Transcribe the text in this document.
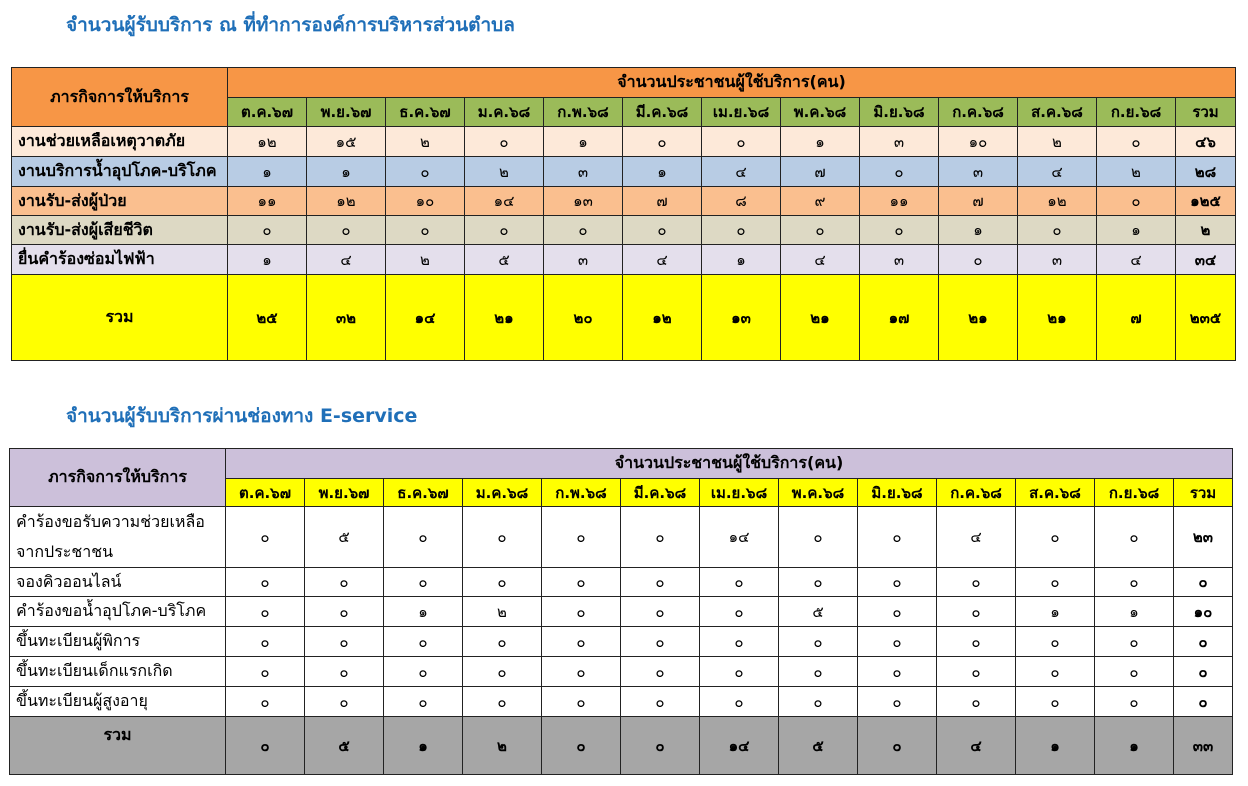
จำนวนผู้รับบริการ ณ ที่ทำการองค์การบริหารส่วนตำบล
ภารกิจการให้บริการ	จำนวนประชาชนผู้ใช้บริการ(คน)												
	ต.ค.๖๗	พ.ย.๖๗	ธ.ค.๖๗	ม.ค.๖๘	ก.พ.๖๘	มี.ค.๖๘	เม.ย.๖๘	พ.ค.๖๘	มิ.ย.๖๘	ก.ค.๖๘	ส.ค.๖๘	ก.ย.๖๘	รวม
งานช่วยเหลือเหตุวาตภัย	๑๒	๑๕	๒	๐	๑	๐	๐	๑	๓	๑๐	๒	๐	๔๖
งานบริการน้ำอุปโภค-บริโภค	๑	๑	๐	๒	๓	๑	๔	๗	๐	๓	๔	๒	๒๘
งานรับ-ส่งผู้ป่วย	๑๑	๑๒	๑๐	๑๔	๑๓	๗	๘	๙	๑๑	๗	๑๒	๐	๑๒๕
งานรับ-ส่งผู้เสียชีวิต	๐	๐	๐	๐	๐	๐	๐	๐	๐	๑	๐	๑	๒
ยื่นคำร้องซ่อมไฟฟ้า	๑	๔	๒	๕	๓	๔	๑	๔	๓	๐	๓	๔	๓๔
รวม	๒๕	๓๒	๑๔	๒๑	๒๐	๑๒	๑๓	๒๑	๑๗	๒๑	๒๑	๗	๒๓๕
จำนวนผู้รับบริการผ่านช่องทาง E-service
ภารกิจการให้บริการ	จำนวนประชาชนผู้ใช้บริการ(คน)												
	ต.ค.๖๗	พ.ย.๖๗	ธ.ค.๖๗	ม.ค.๖๘	ก.พ.๖๘	มี.ค.๖๘	เม.ย.๖๘	พ.ค.๖๘	มิ.ย.๖๘	ก.ค.๖๘	ส.ค.๖๘	ก.ย.๖๘	รวม
คำร้องขอรับความช่วยเหลือจากประชาชน	๐	๕	๐	๐	๐	๐	๑๔	๐	๐	๔	๐	๐	๒๓
จองคิวออนไลน์	๐	๐	๐	๐	๐	๐	๐	๐	๐	๐	๐	๐	๐
คำร้องขอน้ำอุปโภค-บริโภค	๐	๐	๑	๒	๐	๐	๐	๕	๐	๐	๑	๑	๑๐
ขึ้นทะเบียนผู้พิการ	๐	๐	๐	๐	๐	๐	๐	๐	๐	๐	๐	๐	๐
ขึ้นทะเบียนเด็กแรกเกิด	๐	๐	๐	๐	๐	๐	๐	๐	๐	๐	๐	๐	๐
ขึ้นทะเบียนผู้สูงอายุ	๐	๐	๐	๐	๐	๐	๐	๐	๐	๐	๐	๐	๐
รวม	๐	๕	๑	๒	๐	๐	๑๔	๕	๐	๔	๑	๑	๓๓
